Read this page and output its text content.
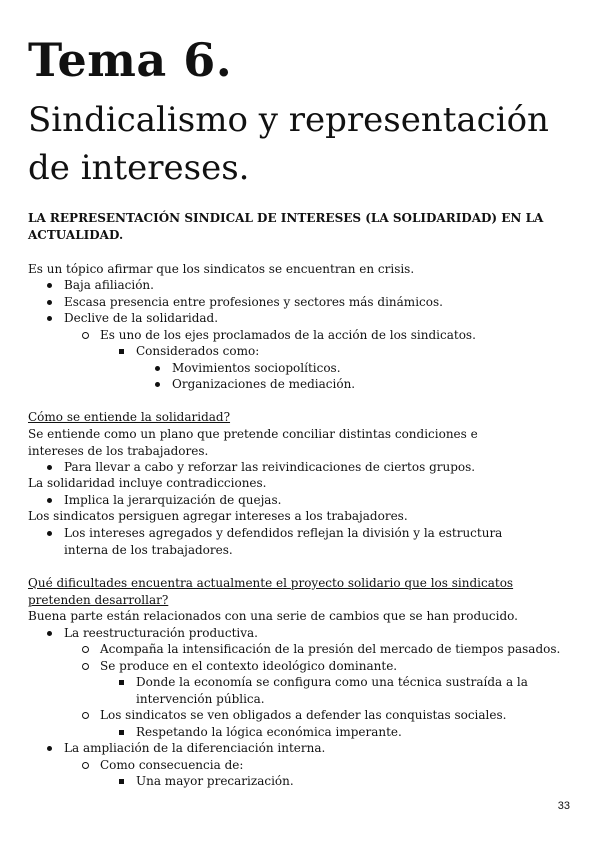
Tema 6.
Sindicalismo y representación de intereses.

LA REPRESENTACIÓN SINDICAL DE INTERESES (LA SOLIDARIDAD) EN LA ACTUALIDAD.

Es un tópico afirmar que los sindicatos se encuentran en crisis.
Baja afiliación.
Escasa presencia entre profesiones y sectores más dinámicos.
Declive de la solidaridad.
Es uno de los ejes proclamados de la acción de los sindicatos.
Considerados como:
Movimientos sociopolíticos.
Organizaciones de mediación.
Cómo se entiende la solidaridad?
Se entiende como un plano que pretende conciliar distintas condiciones e intereses de los trabajadores.
Para llevar a cabo y reforzar las reivindicaciones de ciertos grupos.
La solidaridad incluye contradicciones.
Implica la jerarquización de quejas.
Los sindicatos persiguen agregar intereses a los trabajadores.
Los intereses agregados y defendidos reflejan la división y la estructura interna de los trabajadores.
Qué dificultades encuentra actualmente el proyecto solidario que los sindicatos pretenden desarrollar?
Buena parte están relacionados con una serie de cambios que se han producido.
La reestructuración productiva.
Acompaña la intensificación de la presión del mercado de tiempos pasados.
Se produce en el contexto ideológico dominante.
Donde la economía se configura como una técnica sustraída a la intervención pública.
Los sindicatos se ven obligados a defender las conquistas sociales.
Respetando la lógica económica imperante.
La ampliación de la diferenciación interna.
Como consecuencia de:
Una mayor precarización.
33
